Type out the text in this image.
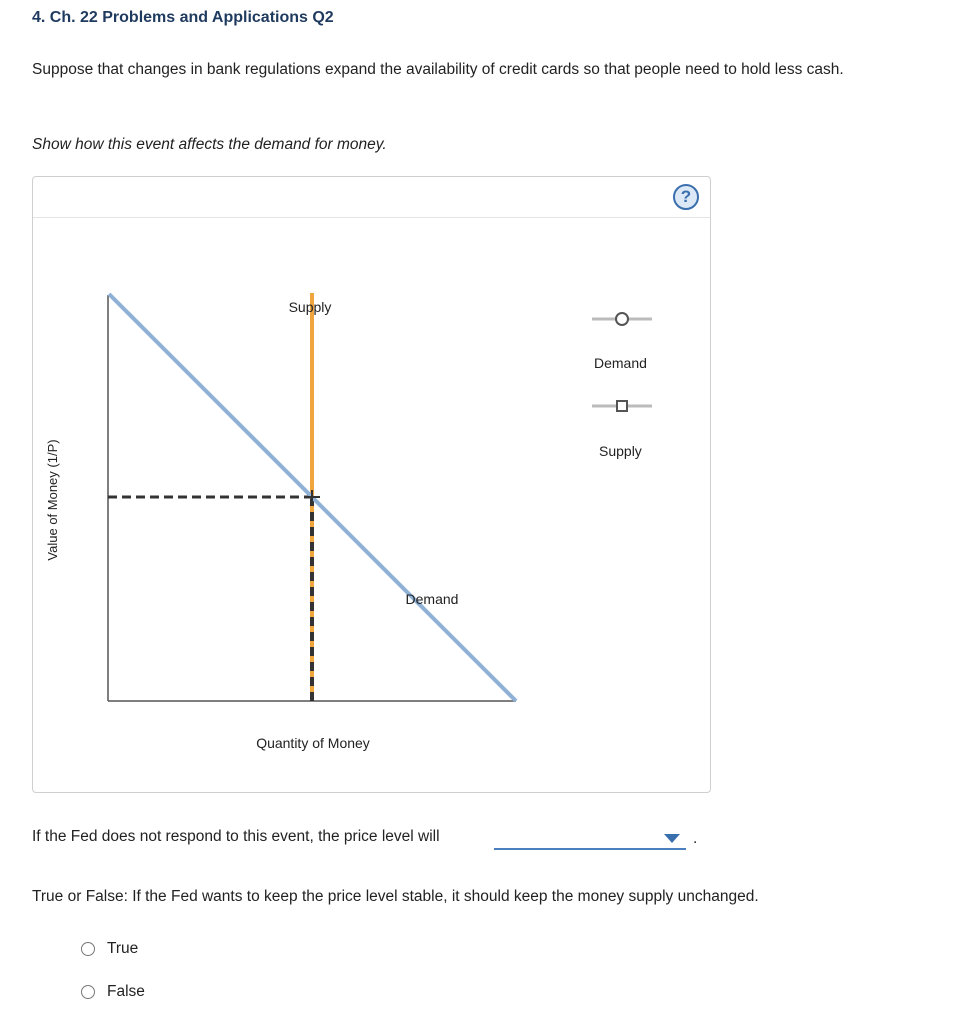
4. Ch. 22 Problems and Applications Q2
Suppose that changes in bank regulations expand the availability of credit cards so that people need to hold less cash.
Show how this event affects the demand for money.
?
Value of Money (1/P)
Quantity of Money
Supply
Demand
Demand
Supply
If the Fed does not respond to this event, the price level will	.
True or False: If the Fed wants to keep the price level stable, it should keep the money supply unchanged.
True
False
